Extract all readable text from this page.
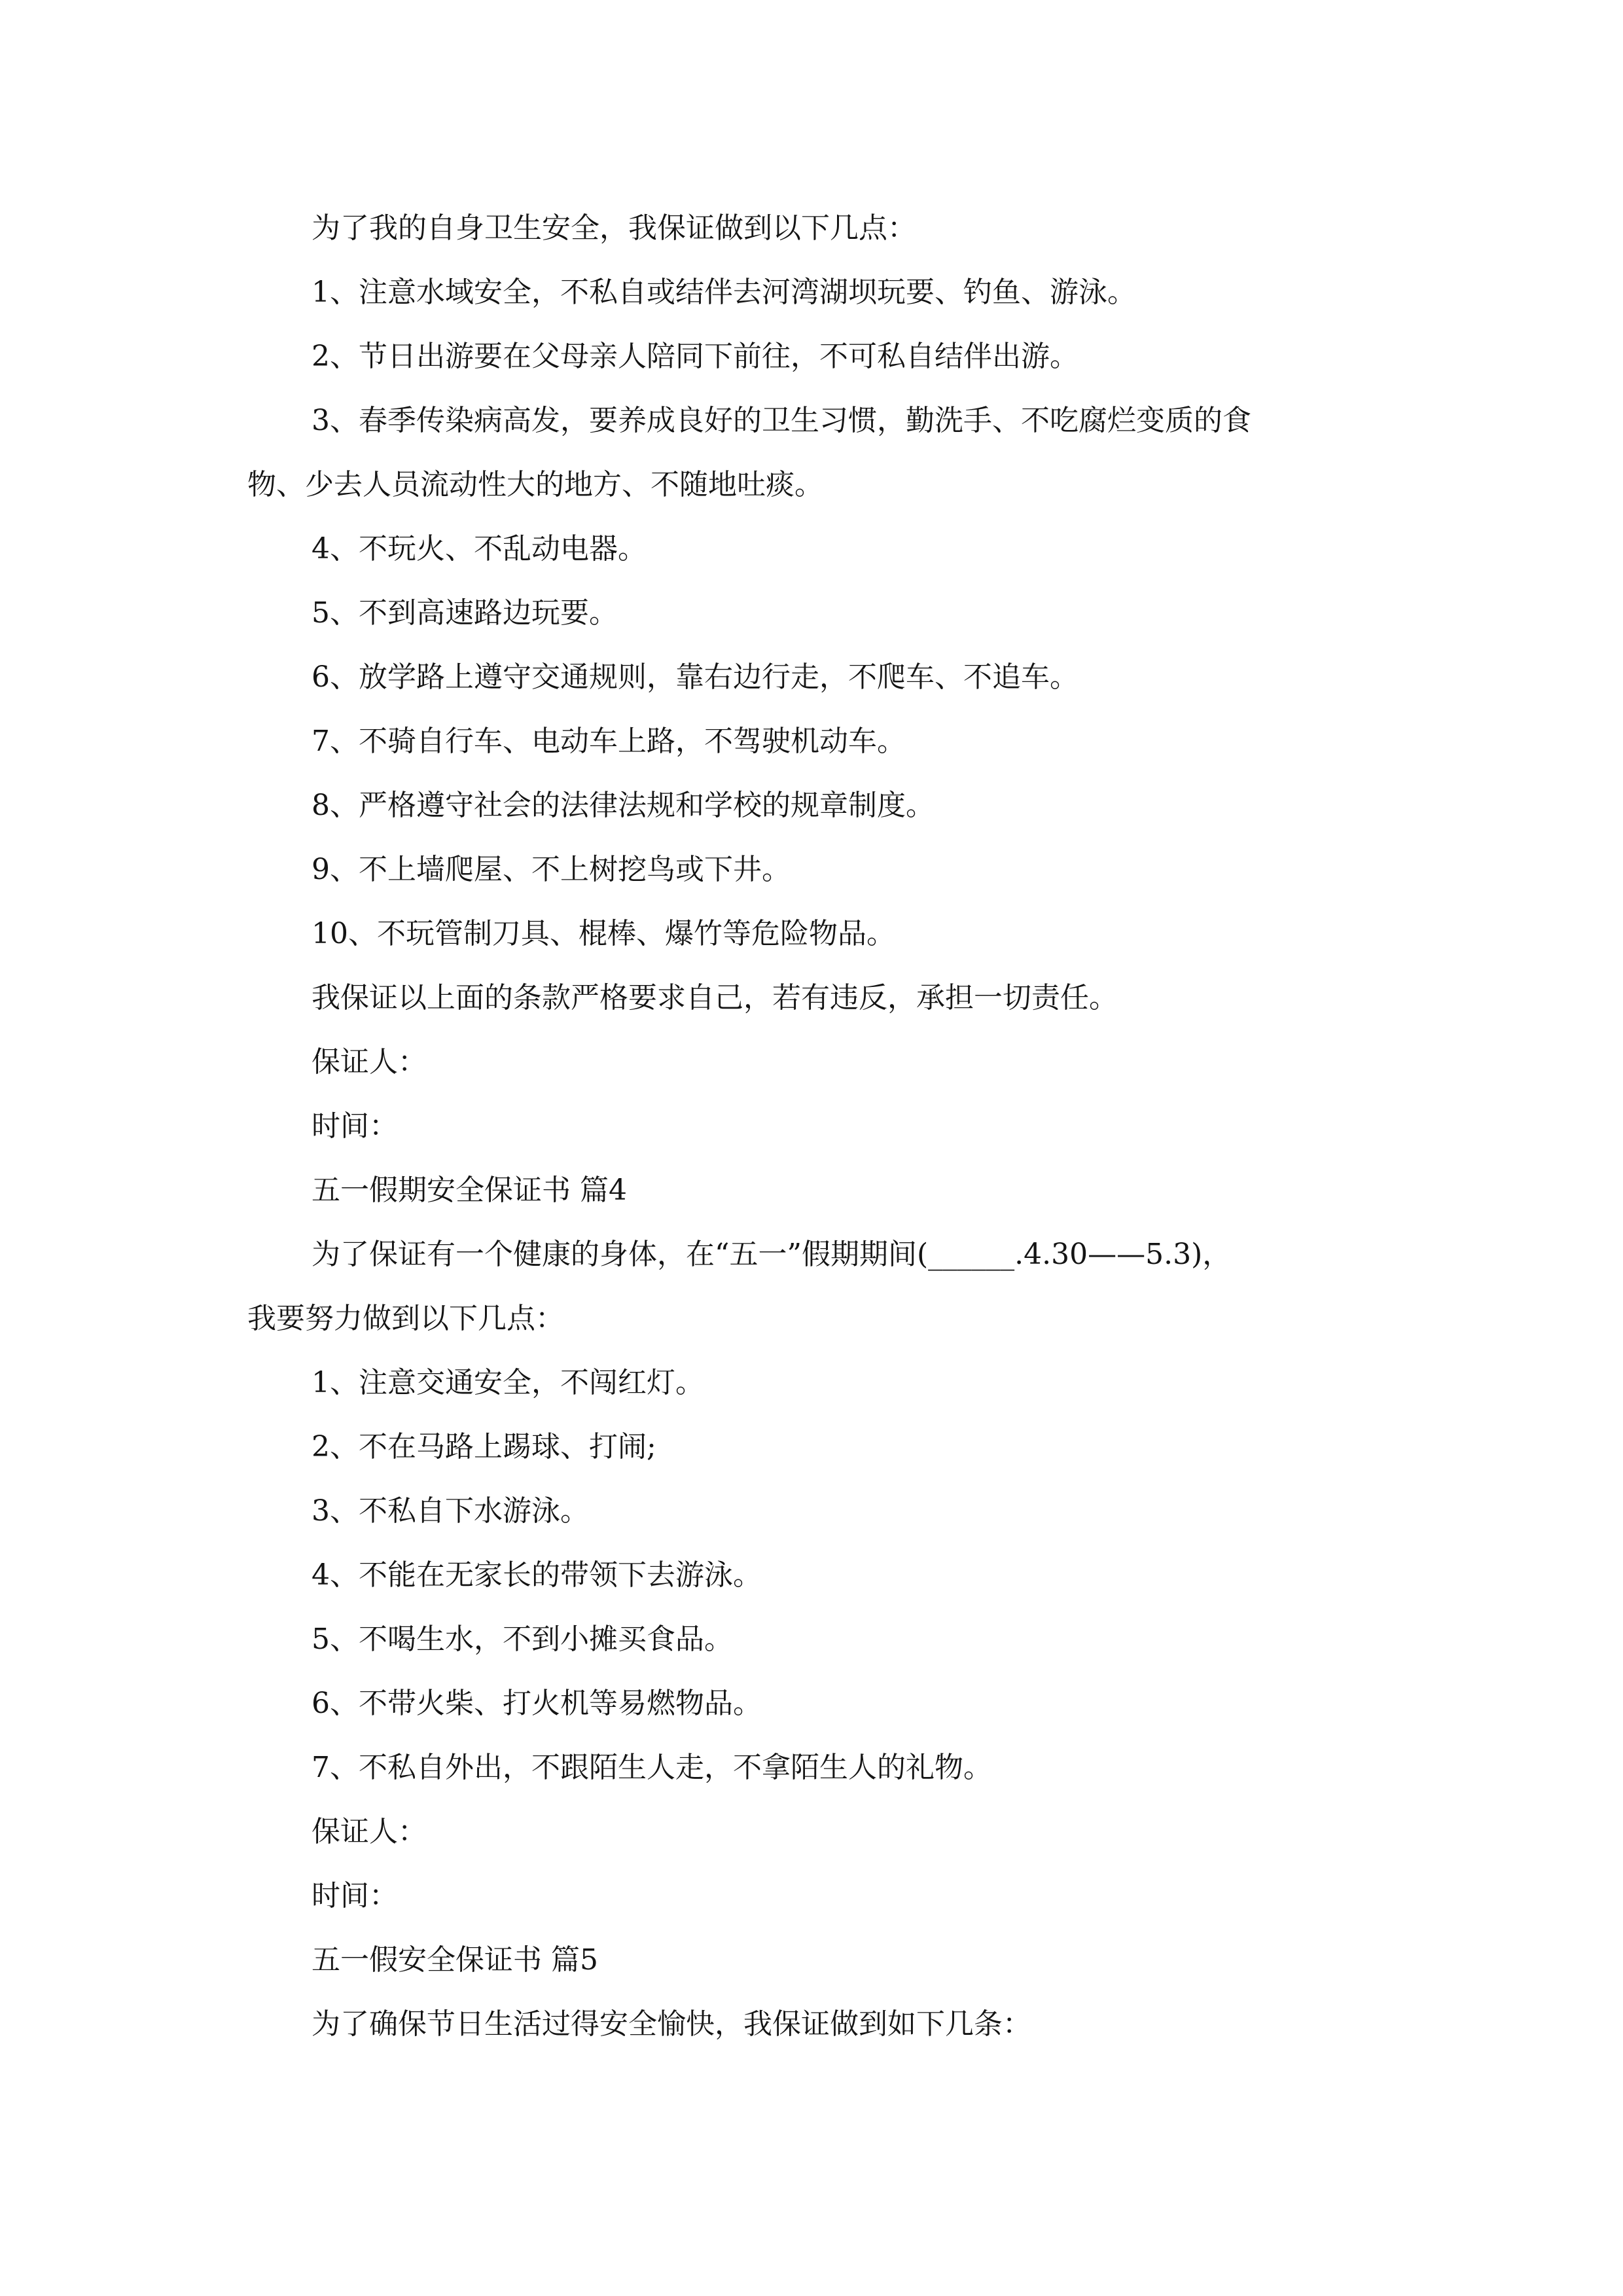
为了我的自身卫生安全，我保证做到以下几点：
1、注意水域安全，不私自或结伴去河湾湖坝玩要、钓鱼、游泳。
2、节日出游要在父母亲人陪同下前往，不可私自结伴出游。
3、春季传染病高发，要养成良好的卫生习惯，勤洗手、不吃腐烂变质的食
物、少去人员流动性大的地方、不随地吐痰。
4、不玩火、不乱动电器。
5、不到高速路边玩要。
6、放学路上遵守交通规则，靠右边行走，不爬车、不追车。
7、不骑自行车、电动车上路，不驾驶机动车。
8、严格遵守社会的法律法规和学校的规章制度。
9、不上墙爬屋、不上树挖鸟或下井。
10、不玩管制刀具、棍棒、爆竹等危险物品。
我保证以上面的条款严格要求自己，若有违反，承担一切责任。
保证人：
时间：
五一假期安全保证书 篇4
为了保证有一个健康的身体，在“五一”假期期间(______.4.30——5.3)，
我要努力做到以下几点：
1、注意交通安全，不闯红灯。
2、不在马路上踢球、打闹;
3、不私自下水游泳。
4、不能在无家长的带领下去游泳。
5、不喝生水，不到小摊买食品。
6、不带火柴、打火机等易燃物品。
7、不私自外出，不跟陌生人走，不拿陌生人的礼物。
保证人：
时间：
五一假安全保证书 篇5
为了确保节日生活过得安全愉快，我保证做到如下几条：
